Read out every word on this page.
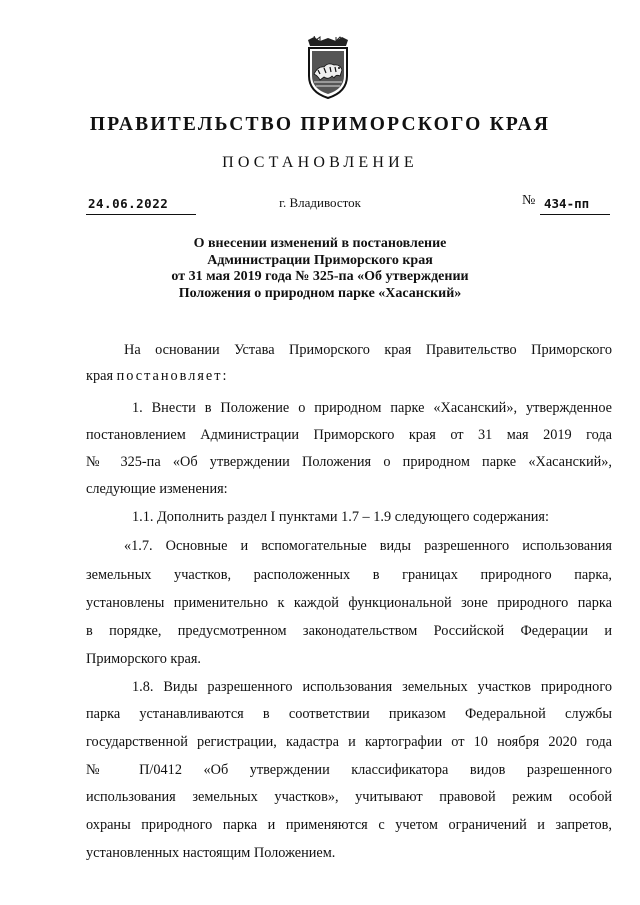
ПРАВИТЕЛЬСТВО ПРИМОРСКОГО КРАЯ
ПОСТАНОВЛЕНИЕ
24.06.2022	г. Владивосток	№ 434-пп
О внесении изменений в постановление
Администрации Приморского края
от 31 мая 2019 года № 325-па «Об утверждении
Положения о природном парке «Хасанский»
На основании Устава Приморского края Правительство Приморского
края постановляет:
1. Внести в Положение о природном парке «Хасанский», утвержденное
постановлением Администрации Приморского края от 31 мая 2019 года
№ 325-па «Об утверждении Положения о природном парке «Хасанский»,
следующие изменения:
1.1. Дополнить раздел I пунктами 1.7 – 1.9 следующего содержания:
«1.7. Основные и вспомогательные виды разрешенного использования
земельных участков, расположенных в границах природного парка,
установлены применительно к каждой функциональной зоне природного парка
в порядке, предусмотренном законодательством Российской Федерации и
Приморского края.
1.8. Виды разрешенного использования земельных участков природного
парка устанавливаются в соответствии приказом Федеральной службы
государственной регистрации, кадастра и картографии от 10 ноября 2020 года
№ П/0412 «Об утверждении классификатора видов разрешенного
использования земельных участков», учитывают правовой режим особой
охраны природного парка и применяются с учетом ограничений и запретов,
установленных настоящим Положением.
